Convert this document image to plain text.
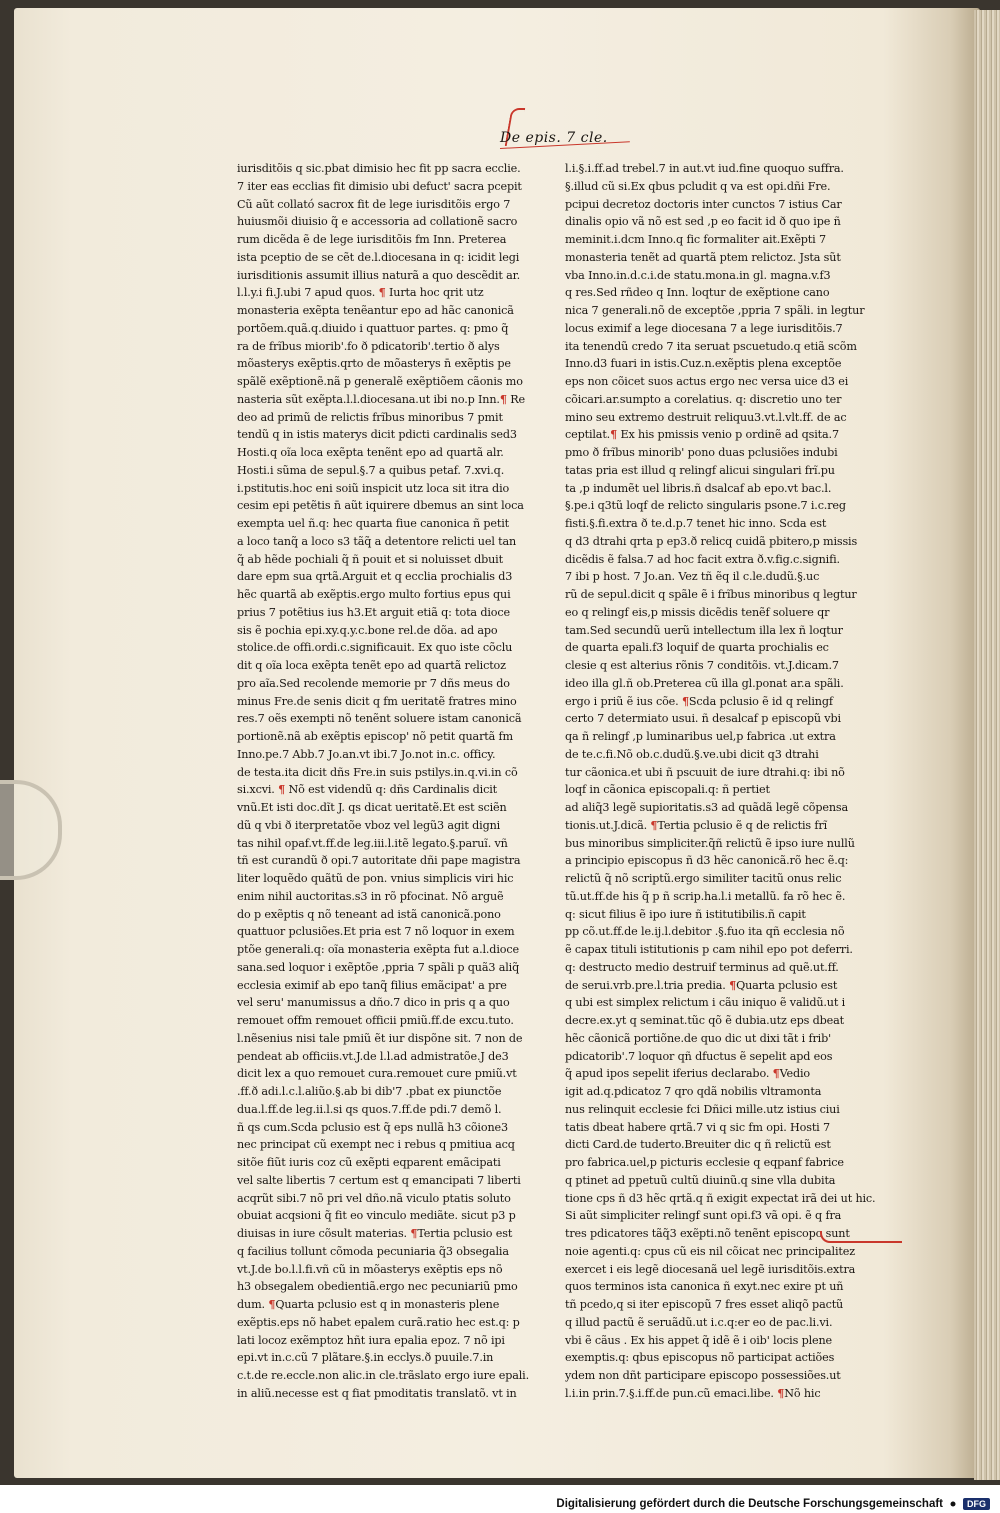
De epis. 7 cle.
iurisditõis q sic.pbat dimisio hec fit pp sacra ecclie.
7 iter eas ecclias fit dimisio ubi defuct' sacra pcepit
Cũ aũt collató sacrox fit de lege iurisditõis ergo 7
huiusmõi diuisio q̃ e accessoria ad collationẽ sacro
rum dicẽda ẽ de lege iurisditõis fm Inn. Preterea
ista pceptio de se cẽt de.l.diocesana in q: icidit legi
iurisditionis assumit illius naturã a quo descẽdit ar.
l.l.y.i fi.J.ubi 7 apud quos. ¶ Iurta hoc qrit utz
monasteria exẽpta tenẽantur epo ad hãc canonicã
portõem.quã.q.diuido i quattuor partes. q: pmo q̃
ra de frĩbus miorib'.fo ð pdicatorib'.tertio ð alys
mõasterys exẽptis.qrto de mõasterys n̄ exẽptis pe
spãlẽ exẽptionẽ.nã p generalẽ exẽptiõem cãonis mo
nasteria sũt exẽpta.l.l.diocesana.ut ibi no.p Inn.¶ Re
deo ad primũ de relictis frĩbus minoribus 7 pmit
tendũ q in istis materys dicit pdicti cardinalis sed3
Hosti.q oĩa loca exẽpta tenẽnt epo ad quartã alr.
Hosti.i sũma de sepul.§.7 a quibus petaf. 7.xvi.q.
i.pstitutis.hoc eni soiũ inspicit utz loca sit itra dio
cesim epi petẽtis n̄ aũt iquirere dbemus an sint loca
exempta uel ñ.q: hec quarta fiue canonica ñ petit
a loco tanq̃ a loco s3 tãq̃ a detentore relicti uel tan
q̃ ab hẽde pochiali q̃ ñ pouit et si noluisset dbuit
dare epm sua qrtã.Arguit et q ecclia prochialis d3
hẽc quartã ab exẽptis.ergo multo fortius epus qui
prius 7 potẽtius ius h3.Et arguit etiã q: tota dioce
sis ẽ pochia epi.xy.q.y.c.bone rel.de dõa. ad apo
stolice.de offi.ordi.c.significauit. Ex quo iste cõclu
dit q oĩa loca exẽpta tenẽt epo ad quartã relictoz
pro aĩa.Sed recolende memorie pr 7 dñs meus do
minus Fre.de senis dicit q fm ueritatẽ fratres mino
res.7 oẽs exempti nõ tenẽnt soluere istam canonicã
portionẽ.nã ab exẽptis episcop' nõ petit quartã fm
Inno.pe.7 Abb.7 Jo.an.vt ibi.7 Jo.not in.c. officy.
de testa.ita dicit dñs Fre.in suis pstilys.in.q.vi.in cõ
si.xcvi. ¶ Nõ est videndũ q: dñs Cardinalis dicit
vnũ.Et isti doc.dĩt J. qs dicat ueritatẽ.Et est sciẽn
dũ q vbi ð iterpretatõe vboz vel legũ3 agit digni
tas nihil opaf.vt.ff.de leg.iii.l.itẽ legato.§.paruĩ. vñ
tñ est curandũ ð opi.7 autoritate dñi pape magistra
liter loquẽdo quãtũ de pon. vnius simplicis viri hic
enim nihil auctoritas.s3 in rõ pfocinat. Nõ arguẽ
do p exẽptis q nõ teneant ad istã canonicã.pono
quattuor pclusiões.Et pria est 7 nõ loquor in exem
ptõe generali.q: oĩa monasteria exẽpta fut a.l.dioce
sana.sed loquor i exẽptõe ,ppria 7 spãli p quã3 aliq̃
ecclesia eximif ab epo tanq̃ filius emãcipat' a pre
vel seru' manumissus a dño.7 dico in pris q a quo
remouet offm remouet officii pmiũ.ff.de excu.tuto.
l.nẽsenius nisi tale pmiũ ẽt iur dispõne sit. 7 non de
pendeat ab officiis.vt.J.de l.l.ad admistratõe.J de3
dicit lex a quo remouet cura.remouet cure pmiũ.vt
.ff.ð adi.l.c.l.aliũo.§.ab bi dib'7 .pbat ex piunctõe
dua.l.ff.de leg.ii.l.si qs quos.7.ff.de pdi.7 demõ l.
ñ qs cum.Scda pclusio est q̃ eps nullã h3 cõione3
nec principat cũ exempt nec i rebus q pmitiua acq
sitõe fiũt iuris coz cũ exẽpti eqparent emãcipati
vel salte libertis 7 certum est q emancipati 7 liberti
acqrũt sibi.7 nõ pri vel dño.nã viculo ptatis soluto
obuiat acqsioni q̃ fit eo vinculo mediãte. sicut p3 p
diuisas in iure cõsult materias. ¶Tertia pclusio est
q facilius tollunt cõmoda pecuniaria q̃3 obsegalia
vt.J.de bo.l.l.fi.vñ cũ in mõasterys exẽptis eps nõ
h3 obsegalem obedientiã.ergo nec pecuniariũ pmo
dum. ¶Quarta pclusio est q in monasteris plene
exẽptis.eps nõ habet epalem curã.ratio hec est.q: p
lati locoz exẽmptoz hñt iura epalia epoz. 7 nõ ipi
epi.vt in.c.cũ 7 plãtare.§.in ecclys.ð puuile.7.in
c.t.de re.eccle.non alic.in cle.trãslato ergo iure epali.
in aliũ.necesse est q fiat pmoditatis translatõ. vt in
l.i.§.i.ff.ad trebel.7 in aut.vt iud.fine quoquo suffra.
§.illud cũ si.Ex qbus pcludit q va est opi.dñi Fre.
pcipui decretoz doctoris inter cunctos 7 istius Car
dinalis opio vã nõ est sed ,p eo facit id ð quo ipe ñ
meminit.i.dcm Inno.q fic formaliter ait.Exẽpti 7
monasteria tenẽt ad quartã ptem relictoz. Jsta sũt
vba Inno.in.d.c.i.de statu.mona.in gl. magna.v.f3
q res.Sed rñdeo q Inn. loqtur de exẽptione cano
nica 7 generali.nõ de exceptõe ,ppria 7 spãli. in legtur
locus eximif a lege diocesana 7 a lege iurisditõis.7
ita tenendũ credo 7 ita seruat pscuetudo.q etiã scõm
Inno.d3 fuari in istis.Cuz.n.exẽptis plena exceptõe
eps non cõicet suos actus ergo nec versa uice d3 ei
cõicari.ar.sumpto a corelatius. q: discretio uno ter
mino seu extremo destruit reliquu3.vt.l.vlt.ff. de ac
ceptilat.¶ Ex his pmissis venio p ordinẽ ad qsita.7
pmo ð frĩbus minorib' pono duas pclusiões indubi
tatas pria est illud q relingf alicui singulari frĩ.pu
ta ,p indumẽt uel libris.ñ dsalcaf ab epo.vt bac.l.
§.pe.i q3tũ loqf de relicto singularis psone.7 i.c.reg
fisti.§.fi.extra ð te.d.p.7 tenet hic inno. Scda est
q d3 dtrahi qrta p ep3.ð relicq cuidã pbitero,p missis
dicẽdis ẽ falsa.7 ad hoc facit extra ð.v.fig.c.signifi.
7 ibi p host. 7 Jo.an. Vez tñ ẽq il c.le.dudũ.§.uc
rũ de sepul.dicit q spãle ẽ i frĩbus minoribus q legtur
eo q relingf eis,p missis dicẽdis tenẽf soluere qr
tam.Sed secundũ uerũ intellectum illa lex ñ loqtur
de quarta epali.f3 loquif de quarta prochialis ec
clesie q est alterius rõnis 7 conditõis. vt.J.dicam.7
ideo illa gl.ñ ob.Preterea cũ illa gl.ponat ar.a spãli.
ergo i priũ ẽ ius cõe. ¶Scda pclusio ẽ id q relingf
certo 7 determiato usui. ñ desalcaf p episcopũ vbi
qa ñ relingf ,p luminaribus uel,p fabrica .ut extra
de te.c.fi.Nõ ob.c.dudũ.§.ve.ubi dicit q3 dtrahi
tur cãonica.et ubi ñ pscuuit de iure dtrahi.q: ibi nõ
loqf in cãonica episcopali.q: ñ pertiet
ad aliq̃3 legẽ supioritatis.s3 ad quãdã legẽ cõpensa
tionis.ut.J.dicã. ¶Tertia pclusio ẽ q de relictis frĩ
bus minoribus simpliciter.q̃ñ relictũ ẽ ipso iure nullũ
a principio episcopus ñ d3 hẽc canonicã.rõ hec ẽ.q:
relictũ q̃ nõ scriptũ.ergo similiter tacitũ onus relic
tũ.ut.ff.de his q̃ p ñ scrip.ha.l.i metallũ. fa rõ hec ẽ.
q: sicut filius ẽ ipo iure ñ istitutibilis.ñ capit
pp cõ.ut.ff.de le.ij.l.debitor .§.fuo ita qñ ecclesia nõ
ẽ capax tituli istitutionis p cam nihil epo pot deferri.
q: destructo medio destruif terminus ad quẽ.ut.ff.
de serui.vrb.pre.l.tria predia. ¶Quarta pclusio est
q ubi est simplex relictum i cãu iniquo ẽ validũ.ut i
decre.ex.yt q seminat.tũc qõ ẽ dubia.utz eps dbeat
hẽc cãonicã portiõne.de quo dic ut dixi tãt i frib'
pdicatorib'.7 loquor qñ dfuctus ẽ sepelit apd eos
q̃ apud ipos sepelit iferius declarabo. ¶Vedio
igit ad.q.pdicatoz 7 qro qdã nobilis vltramonta
nus relinquit ecclesie fci Dñici mille.utz istius ciui
tatis dbeat habere qrtã.7 vi q sic fm opi. Hosti 7
dicti Card.de tuderto.Breuiter dic q ñ relictũ est
pro fabrica.uel,p picturis ecclesie q eqpanf fabrice
q ptinet ad ppetuũ cultũ diuinũ.q sine vlla dubita
tione cps ñ d3 hẽc qrtã.q ñ exigit expectat irã dei ut hic.
Si aũt simpliciter relingf sunt opi.f3 vã opi. ẽ q fra
tres pdicatores tãq̃3 exẽpti.nõ tenẽnt episcopo sunt
noie agenti.q: cpus cũ eis nil cõicat nec principalitez
exercet i eis legẽ diocesanã uel legẽ iurisditõis.extra
quos terminos ista canonica ñ exyt.nec exire pt uñ
tñ pcedo,q si iter episcopũ 7 fres esset aliqõ pactũ
q illud pactũ ẽ seruãdũ.ut i.c.q:er eo de pac.li.vi.
vbi ẽ cãus . Ex his appet q̃ idẽ ẽ i oib' locis plene
exemptis.q: qbus episcopus nõ participat actiões
ydem non dñt participare episcopo possessiões.ut
l.i.in prin.7.§.i.ff.de pun.cũ emaci.libe. ¶Nõ hic
Digitalisierung gefördert durch die Deutsche Forschungsgemeinschaft	DFG
